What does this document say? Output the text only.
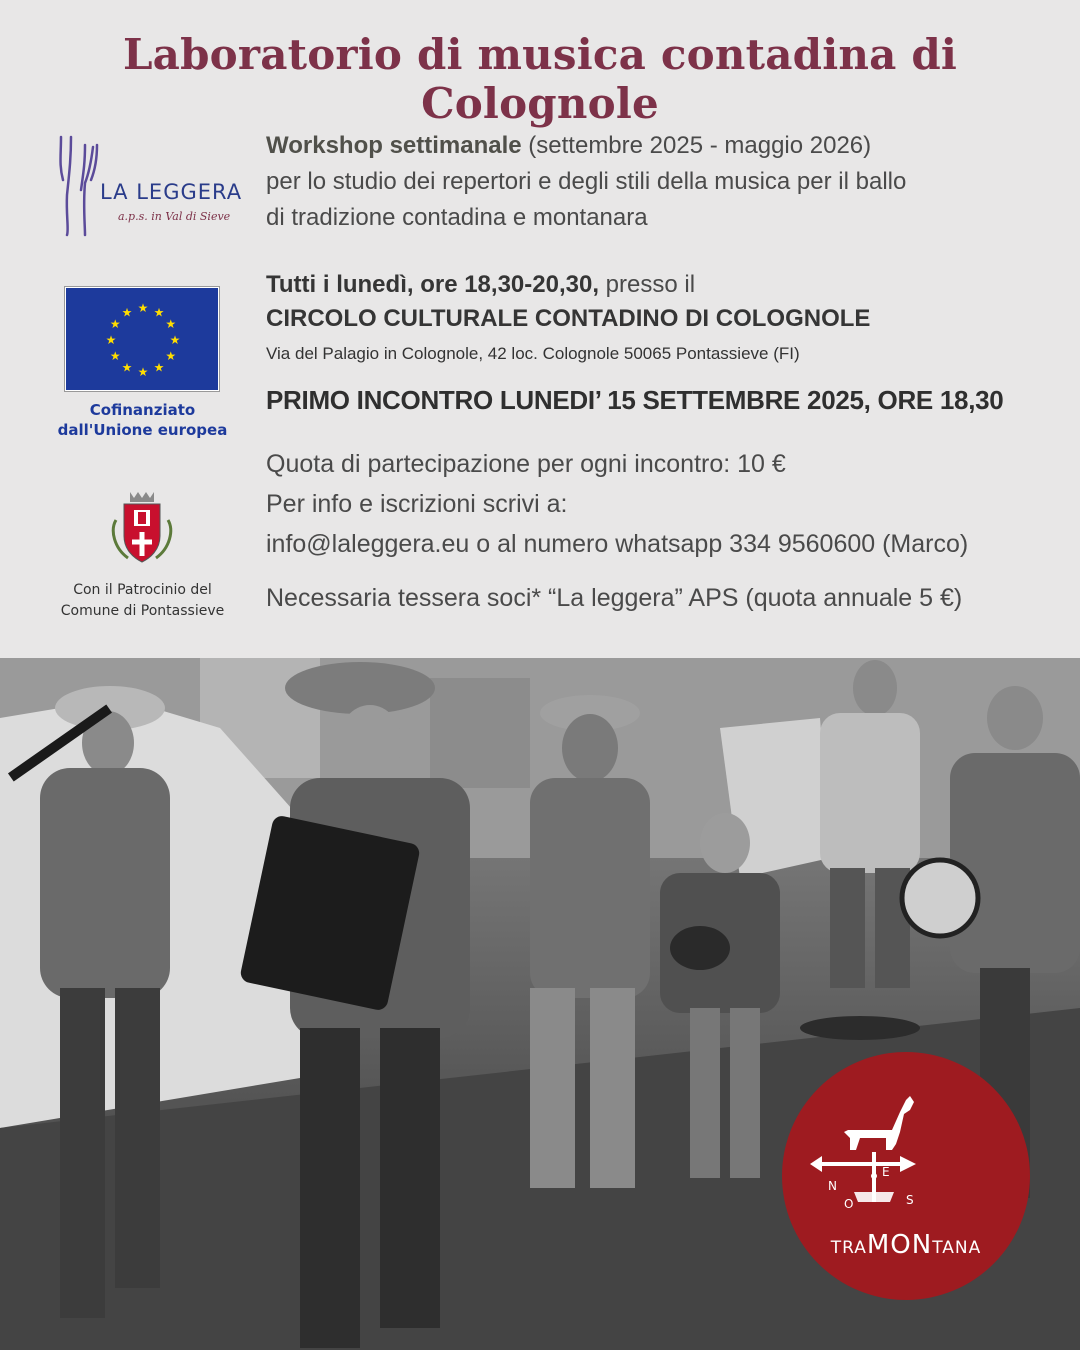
Laboratorio di musica contadina di Colognole
LA LEGGERA
a.p.s. in Val di Sieve
★ ★
★
★
★
★
★
★
★
★
★
★
Cofinanziato
dall'Unione europea
Con il Patrocinio del
Comune di Pontassieve
Workshop settimanale (settembre 2025 - maggio 2026)
per lo studio dei repertori e degli stili della musica per il ballo
di tradizione contadina e montanara
Tutti i lunedì, ore 18,30-20,30, presso il
CIRCOLO CULTURALE CONTADINO DI COLOGNOLE
Via del Palagio in Colognole, 42 loc. Colognole 50065 Pontassieve (FI)
PRIMO INCONTRO LUNEDI’ 15 SETTEMBRE 2025, ORE 18,30
Quota di partecipazione per ogni incontro: 10 €
Per info e iscrizioni scrivi a:
info@laleggera.eu o al numero whatsapp 334 9560600 (Marco)
Necessaria tessera soci* “La leggera” APS (quota annuale 5 €)
N
E
S
O
TRAMONTANA
